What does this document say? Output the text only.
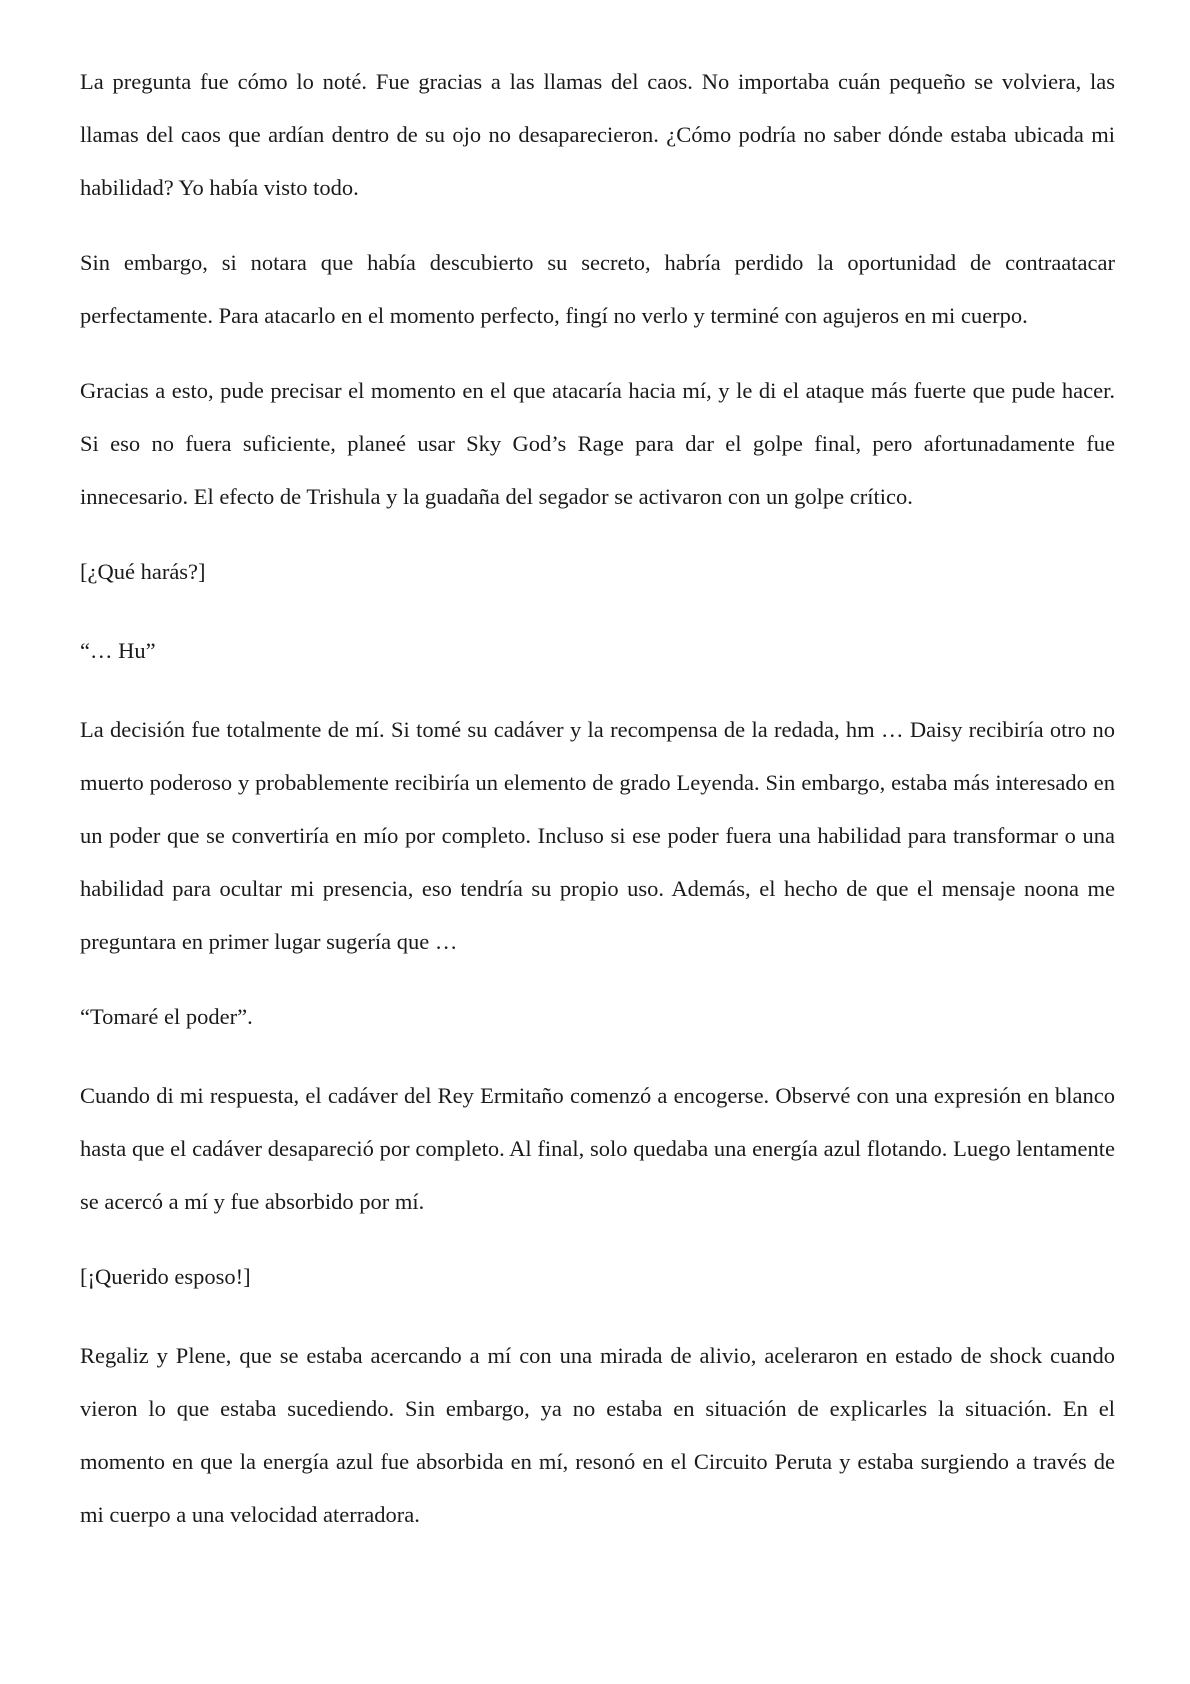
La pregunta fue cómo lo noté. Fue gracias a las llamas del caos. No importaba cuán pequeño se volviera, las llamas del caos que ardían dentro de su ojo no desaparecieron. ¿Cómo podría no saber dónde estaba ubicada mi habilidad? Yo había visto todo.

Sin embargo, si notara que había descubierto su secreto, habría perdido la oportunidad de contraatacar perfectamente. Para atacarlo en el momento perfecto, fingí no verlo y terminé con agujeros en mi cuerpo.

Gracias a esto, pude precisar el momento en el que atacaría hacia mí, y le di el ataque más fuerte que pude hacer. Si eso no fuera suficiente, planeé usar Sky God’s Rage para dar el golpe final, pero afortunadamente fue innecesario. El efecto de Trishula y la guadaña del segador se activaron con un golpe crítico.

[¿Qué harás?]

“… Hu”

La decisión fue totalmente de mí. Si tomé su cadáver y la recompensa de la redada, hm … Daisy recibiría otro no muerto poderoso y probablemente recibiría un elemento de grado Leyenda. Sin embargo, estaba más interesado en un poder que se convertiría en mío por completo. Incluso si ese poder fuera una habilidad para transformar o una habilidad para ocultar mi presencia, eso tendría su propio uso. Además, el hecho de que el mensaje noona me preguntara en primer lugar sugería que …

“Tomaré el poder”.

Cuando di mi respuesta, el cadáver del Rey Ermitaño comenzó a encogerse. Observé con una expresión en blanco hasta que el cadáver desapareció por completo. Al final, solo quedaba una energía azul flotando. Luego lentamente se acercó a mí y fue absorbido por mí.

[¡Querido esposo!]

Regaliz y Plene, que se estaba acercando a mí con una mirada de alivio, aceleraron en estado de shock cuando vieron lo que estaba sucediendo. Sin embargo, ya no estaba en situación de explicarles la situación. En el momento en que la energía azul fue absorbida en mí, resonó en el Circuito Peruta y estaba surgiendo a través de mi cuerpo a una velocidad aterradora.
